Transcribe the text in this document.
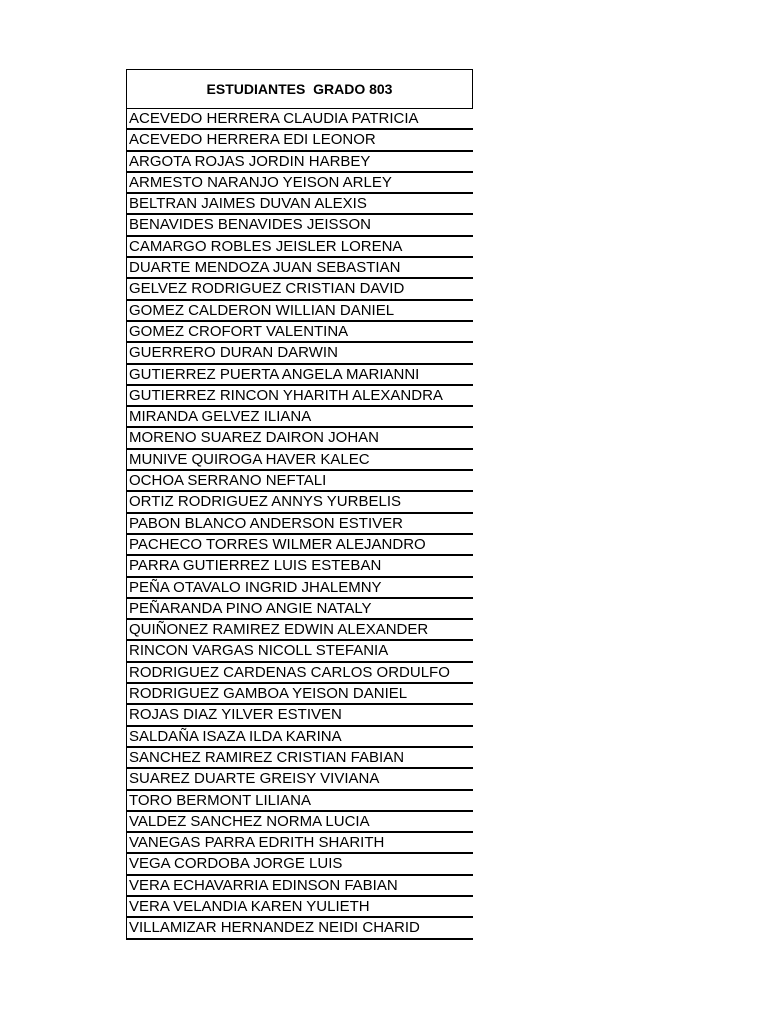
ESTUDIANTES  GRADO 803
ACEVEDO HERRERA CLAUDIA PATRICIA
ACEVEDO HERRERA EDI LEONOR
ARGOTA ROJAS JORDIN HARBEY
ARMESTO NARANJO YEISON ARLEY
BELTRAN JAIMES DUVAN ALEXIS
BENAVIDES BENAVIDES JEISSON
CAMARGO ROBLES JEISLER LORENA
DUARTE MENDOZA JUAN SEBASTIAN
GELVEZ RODRIGUEZ CRISTIAN DAVID
GOMEZ CALDERON WILLIAN DANIEL
GOMEZ CROFORT VALENTINA
GUERRERO DURAN DARWIN
GUTIERREZ PUERTA ANGELA MARIANNI
GUTIERREZ RINCON YHARITH ALEXANDRA
MIRANDA GELVEZ ILIANA
MORENO SUAREZ DAIRON JOHAN
MUNIVE QUIROGA HAVER KALEC
OCHOA SERRANO NEFTALI
ORTIZ RODRIGUEZ ANNYS YURBELIS
PABON BLANCO ANDERSON ESTIVER
PACHECO TORRES WILMER ALEJANDRO
PARRA GUTIERREZ LUIS ESTEBAN
PEÑA OTAVALO INGRID JHALEMNY
PEÑARANDA PINO ANGIE NATALY
QUIÑONEZ RAMIREZ EDWIN ALEXANDER
RINCON VARGAS NICOLL STEFANIA
RODRIGUEZ CARDENAS CARLOS ORDULFO
RODRIGUEZ GAMBOA YEISON DANIEL
ROJAS DIAZ YILVER ESTIVEN
SALDAÑA ISAZA ILDA KARINA
SANCHEZ RAMIREZ CRISTIAN FABIAN
SUAREZ DUARTE GREISY VIVIANA
TORO BERMONT LILIANA
VALDEZ SANCHEZ NORMA LUCIA
VANEGAS PARRA EDRITH SHARITH
VEGA CORDOBA JORGE LUIS
VERA ECHAVARRIA EDINSON FABIAN
VERA VELANDIA KAREN YULIETH
VILLAMIZAR HERNANDEZ NEIDI CHARID
